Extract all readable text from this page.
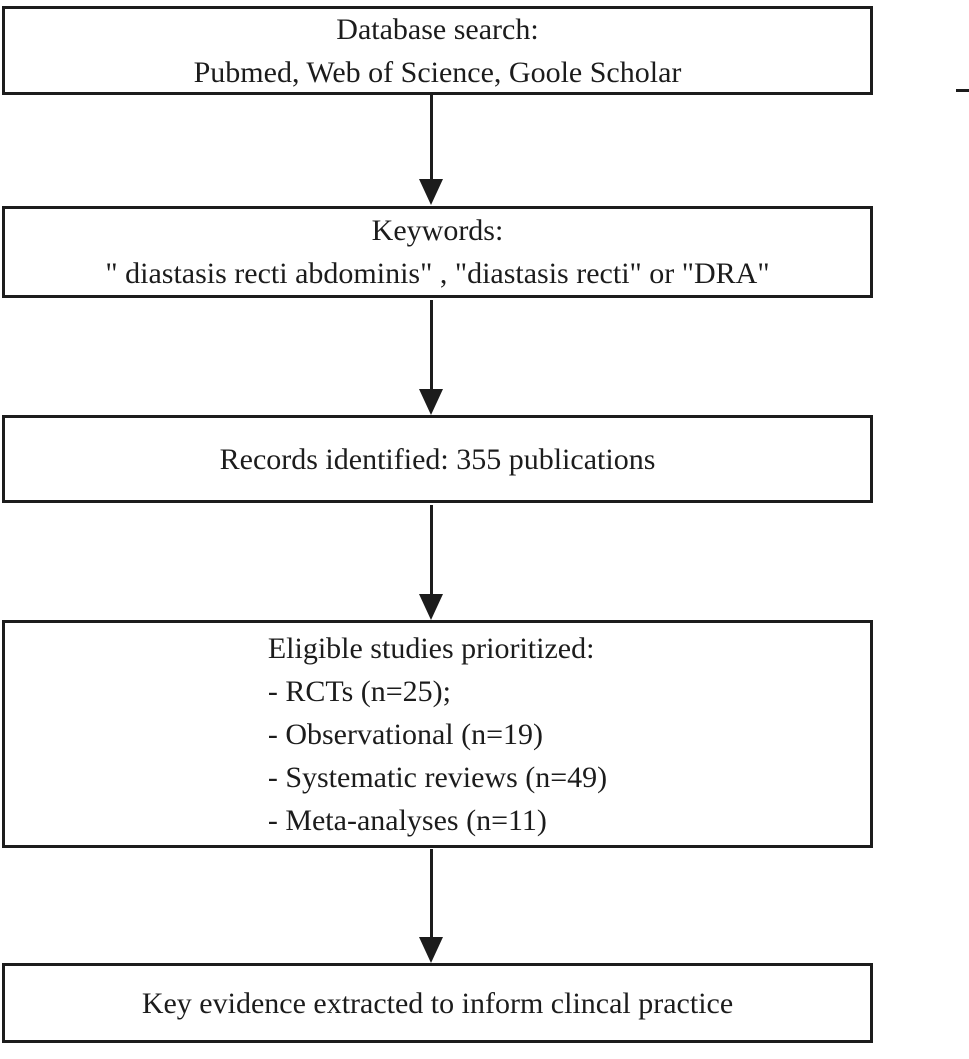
Database search:
Pubmed, Web of Science, Goole Scholar
Keywords:
" diastasis recti abdominis" , "diastasis recti" or "DRA"
Records identified: 355 publications
Eligible studies prioritized:
- RCTs (n=25);
- Observational (n=19)
- Systematic reviews (n=49)
- Meta-analyses (n=11)
Key evidence extracted to inform clincal practice
